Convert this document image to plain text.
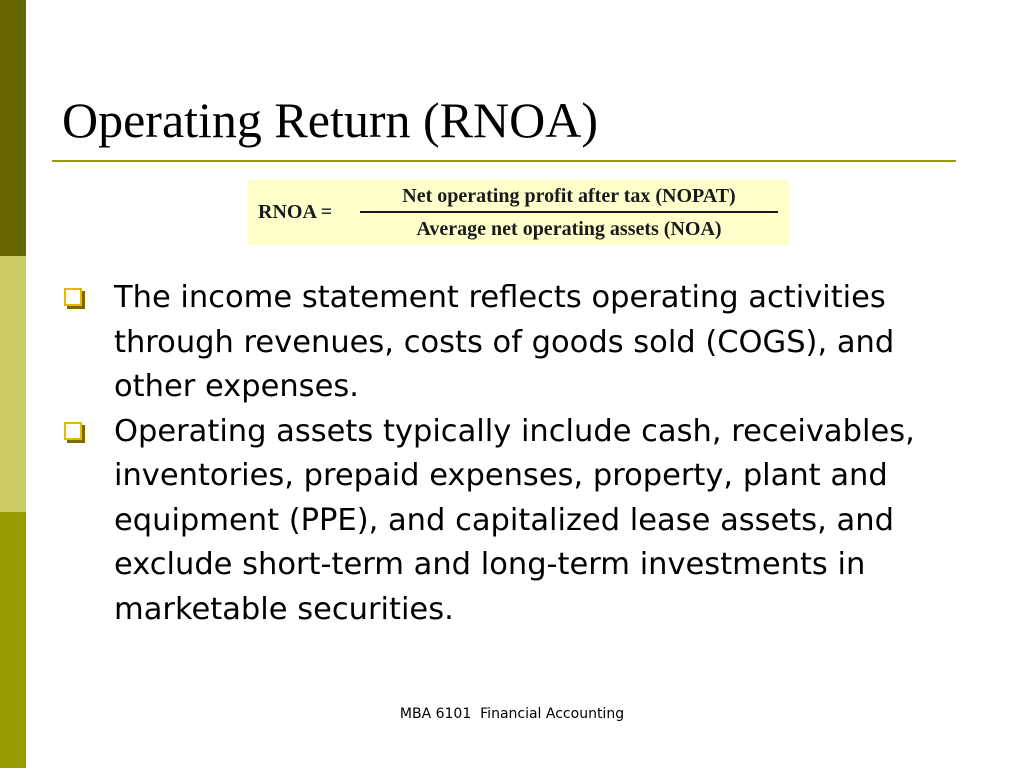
Operating Return (RNOA)
RNOA =
Net operating profit after tax (NOPAT)
Average net operating assets (NOA)
The income statement reflects operating activities through revenues, costs of goods sold (COGS), and other expenses.
Operating assets typically include cash, receivables, inventories, prepaid expenses, property, plant and equipment (PPE), and capitalized lease assets, and exclude short-term and long-term investments in marketable securities.
MBA 6101  Financial Accounting
